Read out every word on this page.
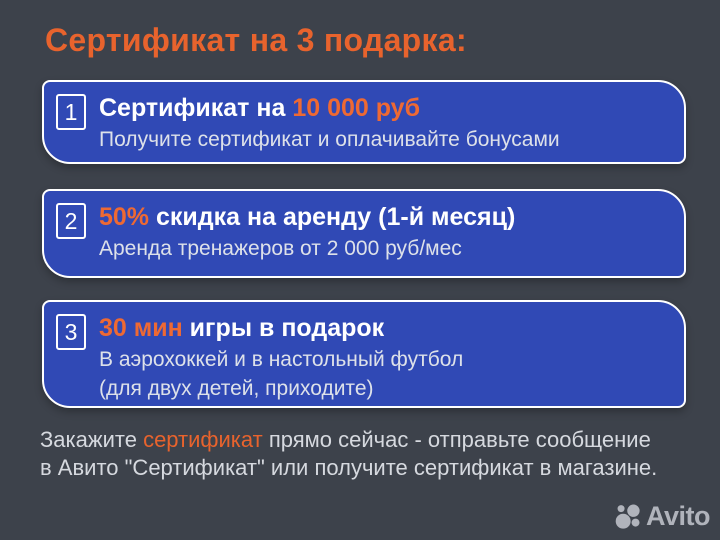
Сертификат на 3 подарка:
1 Сертификат на 10 000 руб
Получите сертификат и оплачивайте бонусами
2 50% скидка на аренду (1-й месяц)
Аренда тренажеров от 2 000 руб/мес
3 30 мин игры в подарок
В аэрохоккей и в настольный футбол
(для двух детей, приходите)
Закажите сертификат прямо сейчас - отправьте сообщение
в Авито "Сертификат" или получите сертификат в магазине.
Avito
